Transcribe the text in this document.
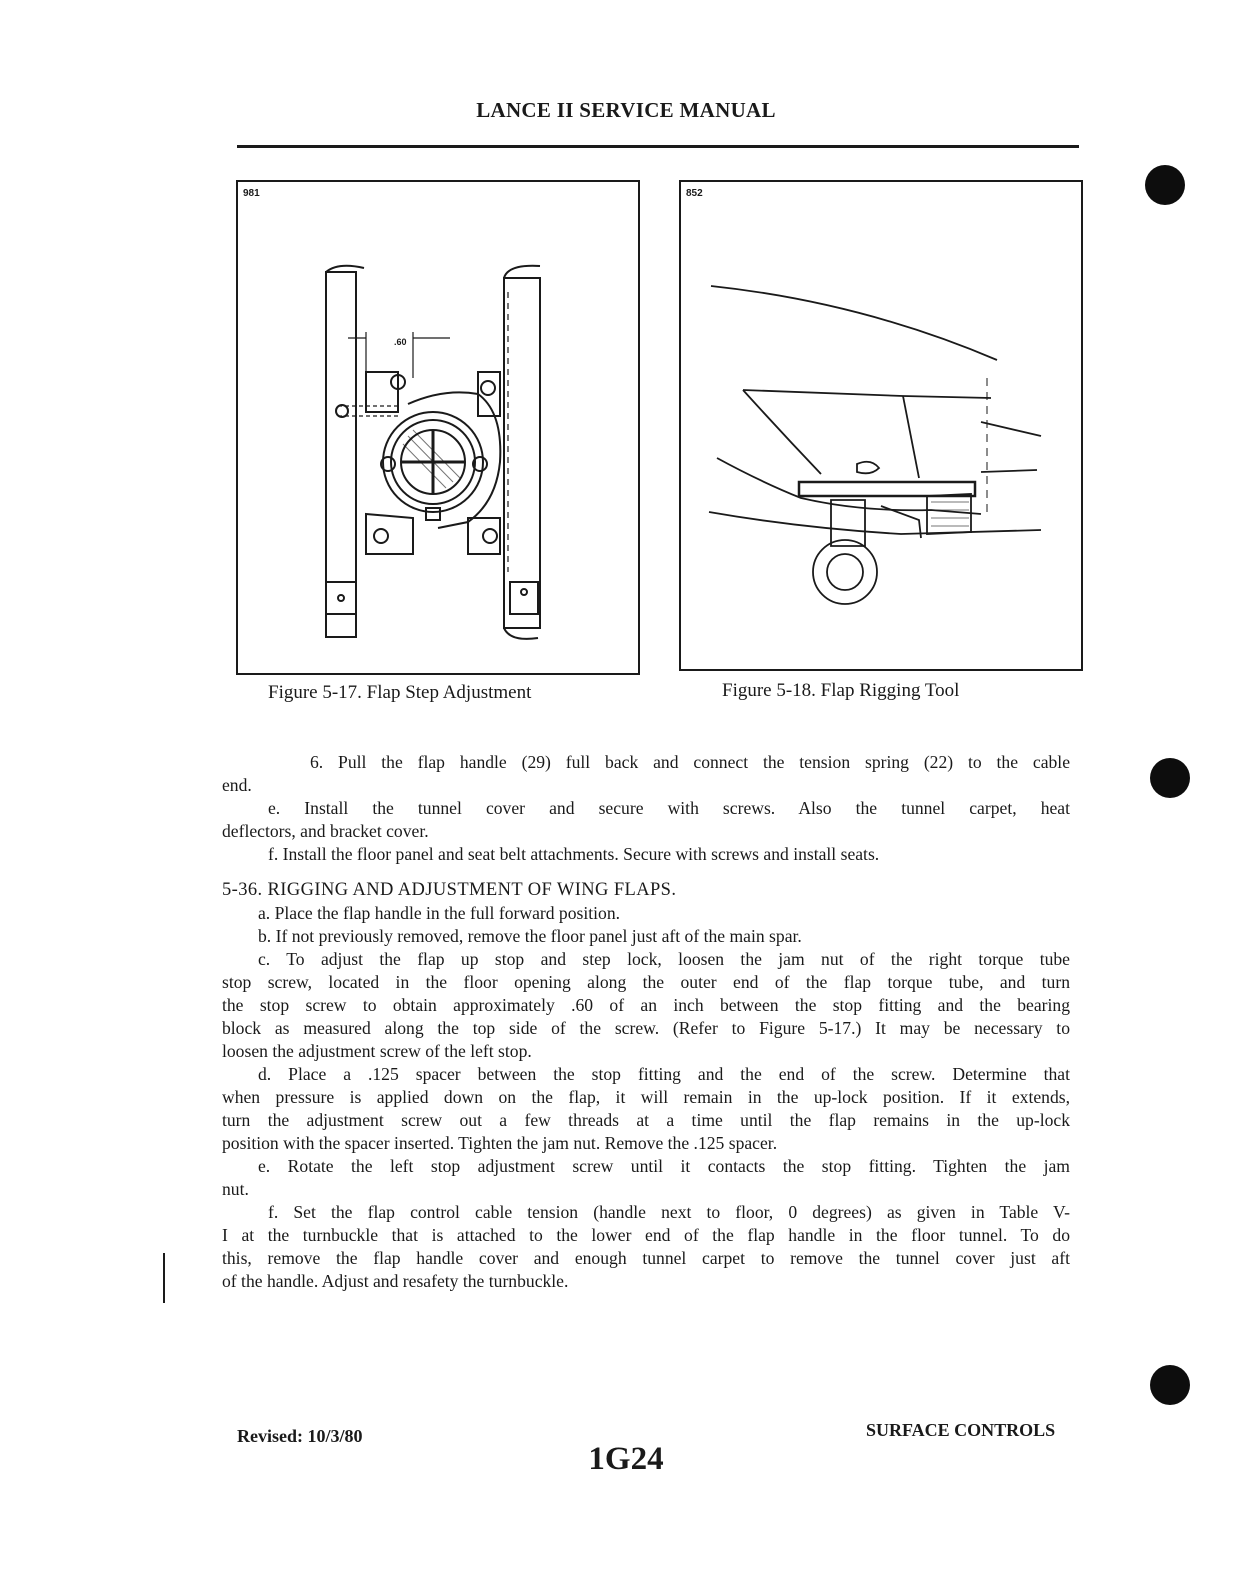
LANCE II SERVICE MANUAL
981
.60
Figure 5-17. Flap Step Adjustment
852
Figure 5-18. Flap Rigging Tool
6. Pull the flap handle (29) full back and connect the tension spring (22) to the cable
end.
e. Install the tunnel cover and secure with screws. Also the tunnel carpet, heat
deflectors, and bracket cover.
f. Install the floor panel and seat belt attachments. Secure with screws and install seats.
5-36. RIGGING AND ADJUSTMENT OF WING FLAPS.
a. Place the flap handle in the full forward position.
b. If not previously removed, remove the floor panel just aft of the main spar.
c. To adjust the flap up stop and step lock, loosen the jam nut of the right torque tube
stop screw, located in the floor opening along the outer end of the flap torque tube, and turn
the stop screw to obtain approximately .60 of an inch between the stop fitting and the bearing
block as measured along the top side of the screw. (Refer to Figure 5-17.) It may be necessary to
loosen the adjustment screw of the left stop.
d. Place a .125 spacer between the stop fitting and the end of the screw. Determine that
when pressure is applied down on the flap, it will remain in the up-lock position. If it extends,
turn the adjustment screw out a few threads at a time until the flap remains in the up-lock
position with the spacer inserted. Tighten the jam nut. Remove the .125 spacer.
e. Rotate the left stop adjustment screw until it contacts the stop fitting. Tighten the jam
nut.
f. Set the flap control cable tension (handle next to floor, 0 degrees) as given in Table V-
I at the turnbuckle that is attached to the lower end of the flap handle in the floor tunnel. To do
this, remove the flap handle cover and enough tunnel carpet to remove the tunnel cover just aft
of the handle. Adjust and resafety the turnbuckle.
Revised: 10/3/80	SURFACE CONTROLS
1G24
